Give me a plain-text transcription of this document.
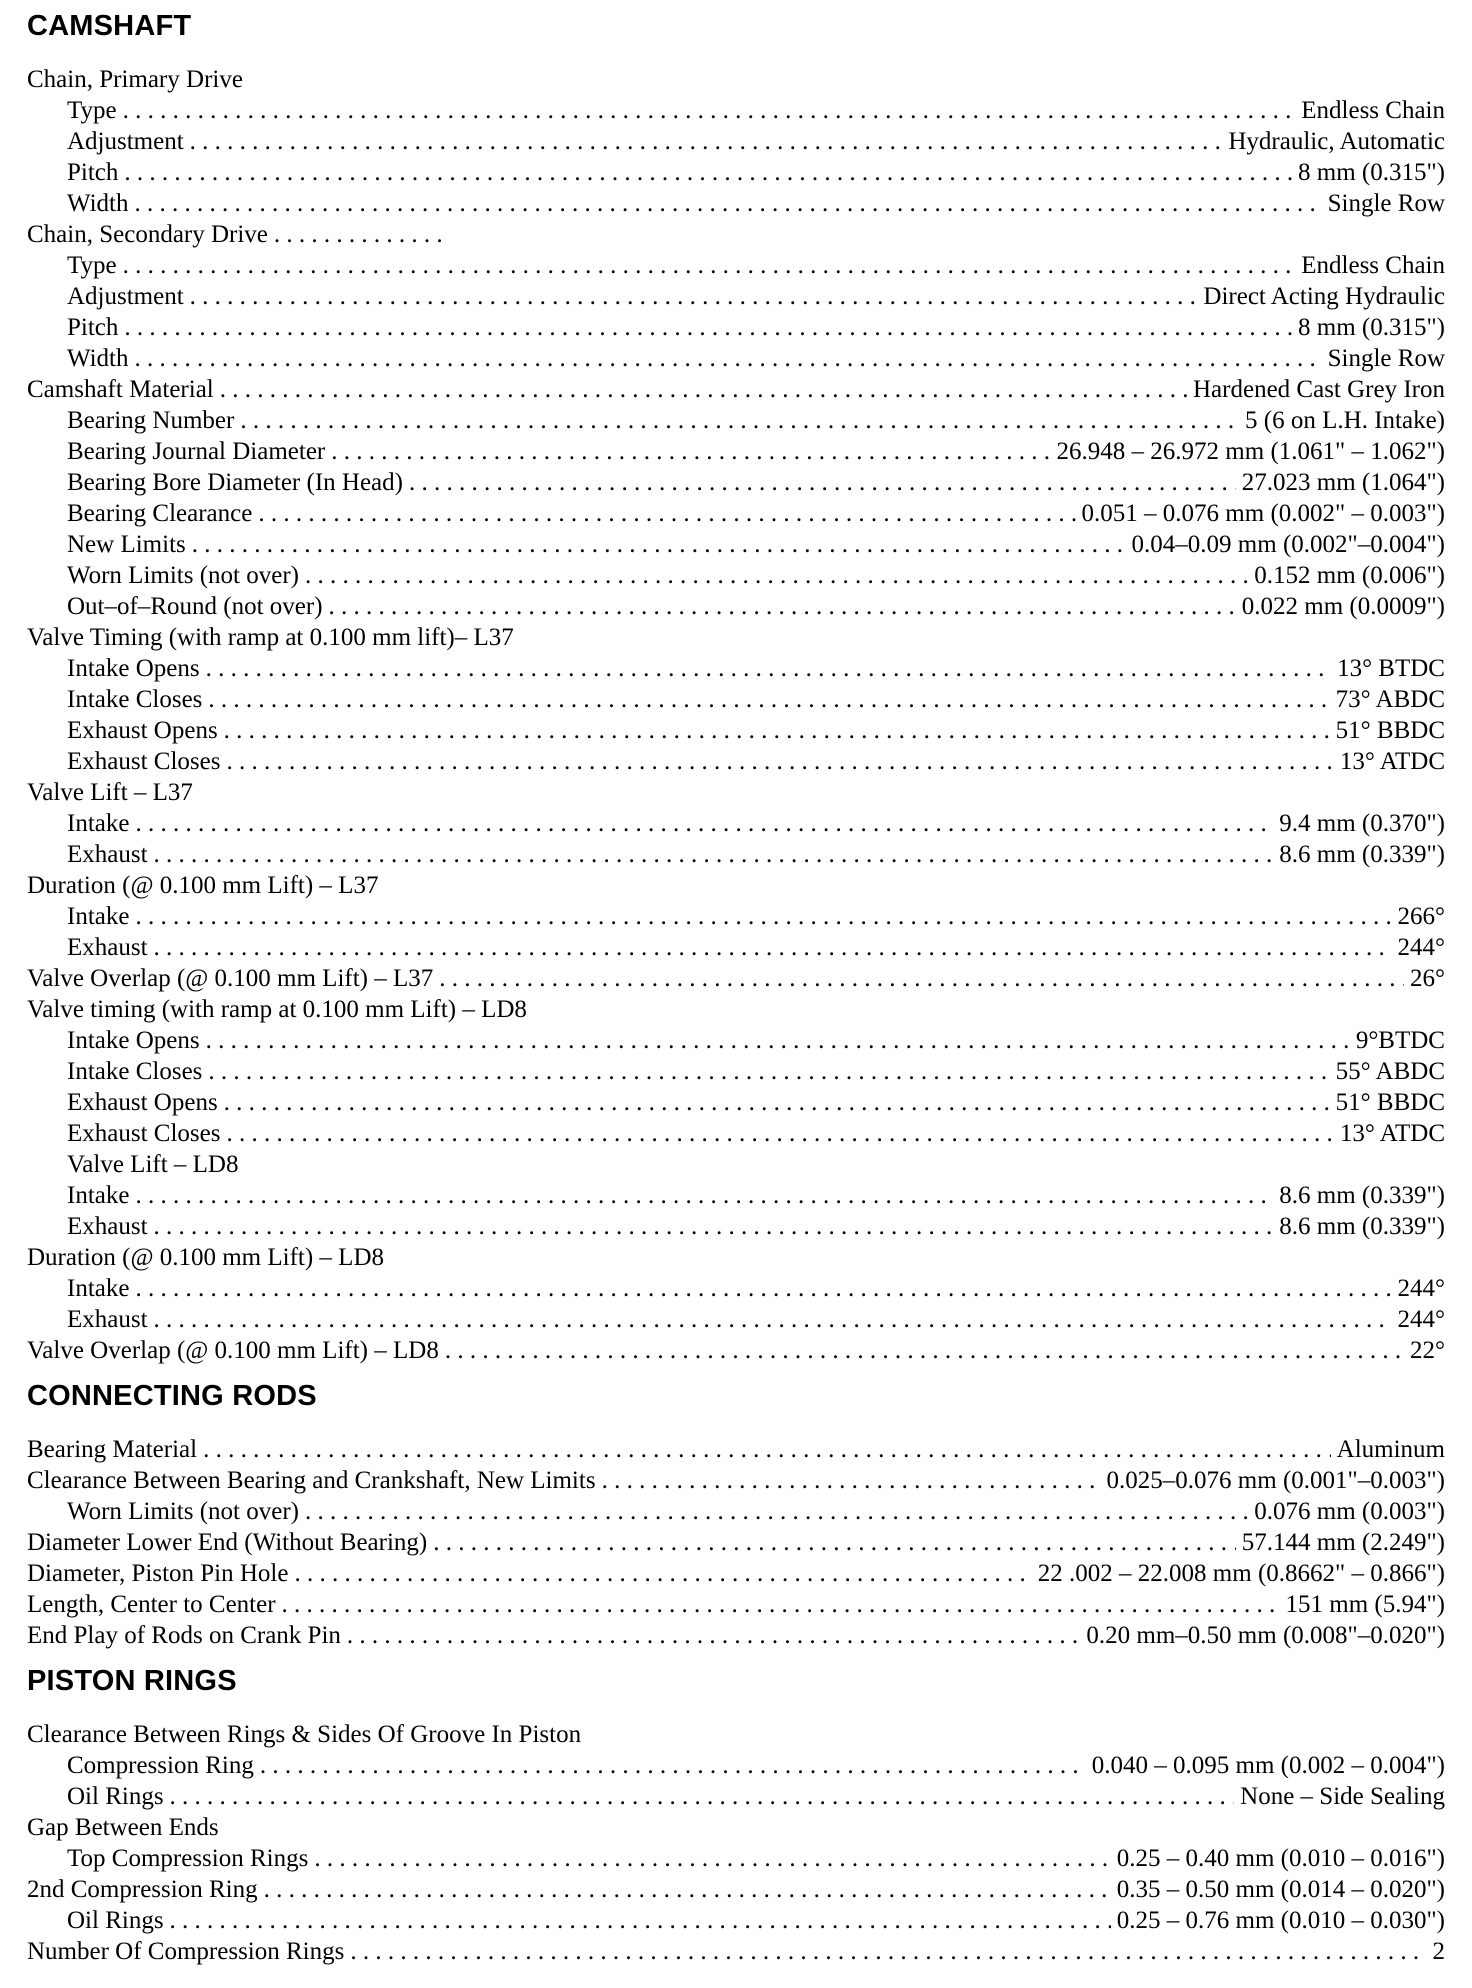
CAMSHAFT
Chain, Primary Drive
Type . . .	Endless Chain
Adjustment . . .	Hydraulic, Automatic
Pitch . . .	8 mm (0.315")
Width . . .	Single Row
Chain, Secondary Drive
. . .
Type . . .	Endless Chain
Adjustment . . .	Direct Acting Hydraulic
Pitch . . .	8 mm (0.315")
Width . . .	Single Row
Camshaft Material . . .	Hardened Cast Grey Iron
Bearing Number . . .	5 (6 on L.H. Intake)
Bearing Journal Diameter . . .	26.948 – 26.972 mm (1.061" – 1.062")
Bearing Bore Diameter (In Head) . . .	27.023 mm (1.064")
Bearing Clearance . . .	0.051 – 0.076 mm (0.002" – 0.003")
New Limits . . .	0.04–0.09 mm (0.002"–0.004")
Worn Limits (not over) . . .	0.152 mm (0.006")
Out–of–Round (not over) . . .	0.022 mm (0.0009")
Valve Timing (with ramp at 0.100 mm lift)– L37
Intake Opens . . .	13° BTDC
Intake Closes . . .	73° ABDC
Exhaust Opens . . .	51° BBDC
Exhaust Closes . . .	13° ATDC
Valve Lift – L37
Intake . . .	9.4 mm (0.370")
Exhaust . . .	8.6 mm (0.339")
Duration (@ 0.100 mm Lift) – L37
Intake . . .	266°
Exhaust . . .	244°
Valve Overlap (@ 0.100 mm Lift) – L37 . . .	26°
Valve timing (with ramp at 0.100 mm Lift) – LD8
Intake Opens . . .	9°BTDC
Intake Closes . . .	55° ABDC
Exhaust Opens . . .	51° BBDC
Exhaust Closes . . .	13° ATDC
Valve Lift – LD8
Intake . . .	8.6 mm (0.339")
Exhaust . . .	8.6 mm (0.339")
Duration (@ 0.100 mm Lift) – LD8
Intake . . .	244°
Exhaust . . .	244°
Valve Overlap (@ 0.100 mm Lift) – LD8 . . .	22°
CONNECTING RODS
Bearing Material . . .	Aluminum
Clearance Between Bearing and Crankshaft, New Limits . . .	0.025–0.076 mm (0.001"–0.003")
Worn Limits (not over) . . .	0.076 mm (0.003")
Diameter Lower End (Without Bearing) . . .	57.144 mm (2.249")
Diameter, Piston Pin Hole . . .	22 .002 – 22.008 mm (0.8662" – 0.866")
Length, Center to Center . . .	151 mm (5.94")
End Play of Rods on Crank Pin . . .	0.20 mm–0.50 mm (0.008"–0.020")
PISTON RINGS
Clearance Between Rings & Sides Of Groove In Piston
Compression Ring . . .	0.040 – 0.095 mm (0.002 – 0.004")
Oil Rings . . .	None – Side Sealing
Gap Between Ends
Top Compression Rings . . .	0.25 – 0.40 mm (0.010 – 0.016")
2nd Compression Ring . . .	0.35 – 0.50 mm (0.014 – 0.020")
Oil Rings . . .	0.25 – 0.76 mm (0.010 – 0.030")
Number Of Compression Rings . . .	2
